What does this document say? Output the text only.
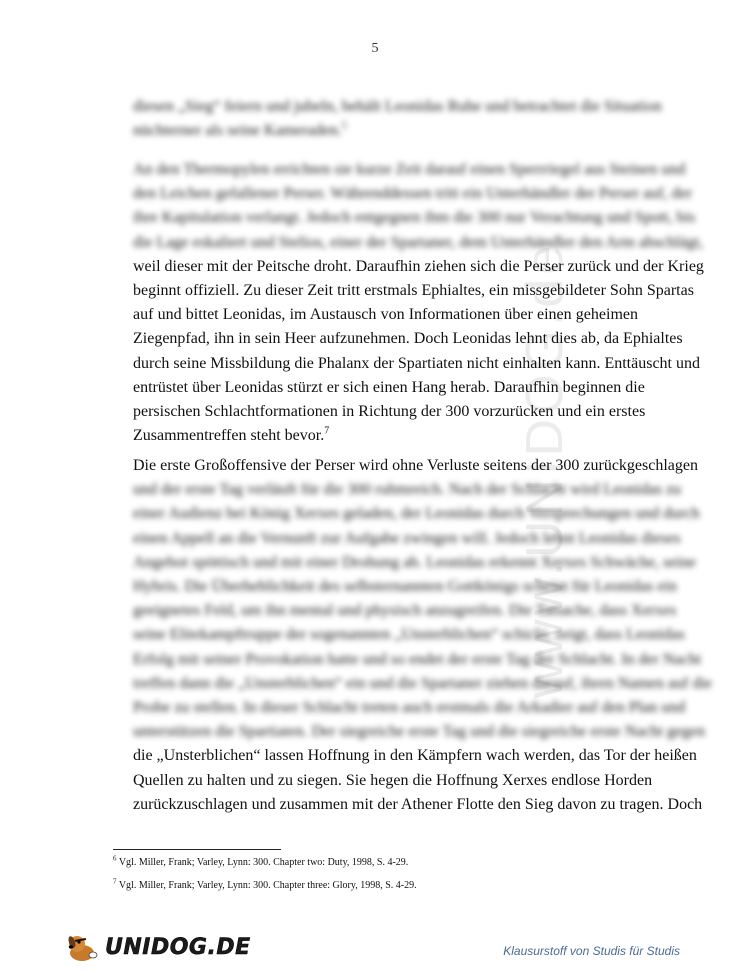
5
www.UNIDOG.de
diesen „Sieg“ feiern und jubeln, behält Leonidas Ruhe und betrachtet die Situation
nüchterner als seine Kameraden.$^5$
An den Thermopylen errichten sie kurze Zeit darauf einen Sperrriegel aus Steinen und
den Leichen gefallener Perser. Währenddessen tritt ein Unterhändler der Perser auf, der
ihre Kapitulation verlangt. Jedoch entgegnen ihm die 300 nur Verachtung und Spott, bis
die Lage eskaliert und Stelios, einer der Spartaner, dem Unterhändler den Arm abschlägt,
weil dieser mit der Peitsche droht. Daraufhin ziehen sich die Perser zurück und der Krieg
beginnt offiziell. Zu dieser Zeit tritt erstmals Ephialtes, ein missgebildeter Sohn Spartas
auf und bittet Leonidas, im Austausch von Informationen über einen geheimen
Ziegenpfad, ihn in sein Heer aufzunehmen. Doch Leonidas lehnt dies ab, da Ephialtes
durch seine Missbildung die Phalanx der Spartiaten nicht einhalten kann. Enttäuscht und
entrüstet über Leonidas stürzt er sich einen Hang herab. Daraufhin beginnen die
persischen Schlachtformationen in Richtung der 300 vorzurücken und ein erstes
Zusammentreffen steht bevor.$^7$
Die erste Großoffensive der Perser wird ohne Verluste seitens der 300 zurückgeschlagen
und der erste Tag verläuft für die 300 ruhmreich. Nach der Schlacht wird Leonidas zu
einer Audienz bei König Xerxes geladen, der Leonidas durch Versprechungen und durch
einen Appell an die Vernunft zur Aufgabe zwingen will. Jedoch lehnt Leonidas dieses
Angebot spöttisch und mit einer Drohung ab. Leonidas erkennt Xerxes Schwäche, seine
Hybris. Die Überheblichkeit des selbsternannten Gottkönigs scheint für Leonidas ein
geeignetes Feld, um ihn mental und physisch anzugreifen. Die Tatsache, dass Xerxes
seine Elitekampftruppe der sogenannten „Unsterblichen“ schickt, zeigt, dass Leonidas
Erfolg mit seiner Provokation hatte und so endet der erste Tag der Schlacht. In der Nacht
treffen dann die „Unsterblichen“ ein und die Spartaner ziehen darauf, ihren Namen auf die
Probe zu stellen. In dieser Schlacht treten auch erstmals die Arkadier auf den Plan und
unterstützen die Spartiaten. Der siegreiche erste Tag und die siegreiche erste Nacht gegen
die „Unsterblichen“ lassen Hoffnung in den Kämpfern wach werden, das Tor der heißen
Quellen zu halten und zu siegen. Sie hegen die Hoffnung Xerxes endlose Horden
zurückzuschlagen und zusammen mit der Athener Flotte den Sieg davon zu tragen. Doch
$^6$ Vgl. Miller, Frank; Varley, Lynn: 300. Chapter two: Duty, 1998, S. 4-29.
$^7$ Vgl. Miller, Frank; Varley, Lynn: 300. Chapter three: Glory, 1998, S. 4-29.
UNIDOG.DE	Klausurstoff von Studis für Studis
